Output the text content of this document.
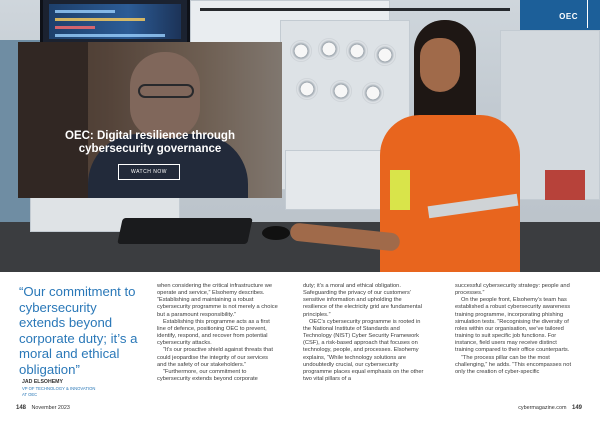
OEC: Digital resilience through
cybersecurity governance
WATCH NOW
OEC
“Our commitment to cybersecurity extends beyond corporate duty; it’s a moral and ethical obligation”
JAD ELSOHEMY
VP OF TECHNOLOGY & INNOVATION
AT OEC

when considering the critical infrastructure we operate and service,” Elsohemy describes. “Establishing and maintaining a robust cybersecurity programme is not merely a choice but a paramount responsibility.”

Establishing this programme acts as a first line of defence, positioning OEC to prevent, identify, respond, and recover from potential cybersecurity attacks.

“It’s our proactive shield against threats that could jeopardise the integrity of our services and the safety of our stakeholders.”

“Furthermore, our commitment to cybersecurity extends beyond corporate

duty; it’s a moral and ethical obligation. Safeguarding the privacy of our customers’ sensitive information and upholding the resilience of the electricity grid are fundamental principles.”

OEC’s cybersecurity programme is rooted in the National Institute of Standards and Technology (NIST) Cyber Security Framework (CSF), a risk-based approach that focuses on technology, people, and processes. Elsohemy explains, “While technology solutions are undoubtedly crucial, our cybersecurity programme places equal emphasis on the other two vital pillars of a

successful cybersecurity strategy: people and processes.”

On the people front, Elsohemy’s team has established a robust cybersecurity awareness training programme, incorporating phishing simulation tests. “Recognising the diversity of roles within our organisation, we’ve tailored training to suit specific job functions. For instance, field users may receive distinct training compared to their office counterparts.

“The process pillar can be the most challenging,” he adds. “This encompasses not only the creation of cyber-specific

148 November 2023	cybermagazine.com 149
